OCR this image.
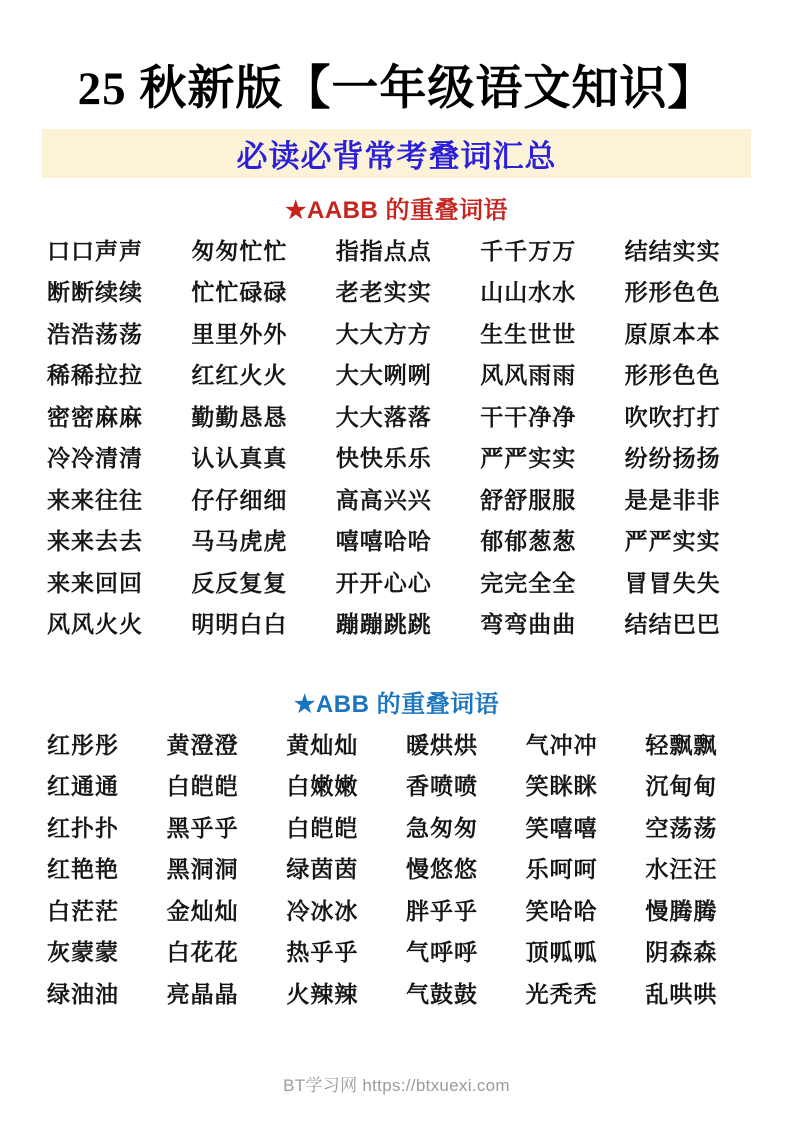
25 秋新版【一年级语文知识】
必读必背常考叠词汇总
★AABB 的重叠词语
口口声声	匆匆忙忙	指指点点	千千万万	结结实实
断断续续	忙忙碌碌	老老实实	山山水水	形形色色
浩浩荡荡	里里外外	大大方方	生生世世	原原本本
稀稀拉拉	红红火火	大大咧咧	风风雨雨	形形色色
密密麻麻	勤勤恳恳	大大落落	干干净净	吹吹打打
冷冷清清	认认真真	快快乐乐	严严实实	纷纷扬扬
来来往往	仔仔细细	高高兴兴	舒舒服服	是是非非
来来去去	马马虎虎	嘻嘻哈哈	郁郁葱葱	严严实实
来来回回	反反复复	开开心心	完完全全	冒冒失失
风风火火	明明白白	蹦蹦跳跳	弯弯曲曲	结结巴巴
★ABB 的重叠词语
红彤彤	黄澄澄	黄灿灿	暖烘烘	气冲冲	轻飘飘
红通通	白皑皑	白嫩嫩	香喷喷	笑眯眯	沉甸甸
红扑扑	黑乎乎	白皑皑	急匆匆	笑嘻嘻	空荡荡
红艳艳	黑洞洞	绿茵茵	慢悠悠	乐呵呵	水汪汪
白茫茫	金灿灿	冷冰冰	胖乎乎	笑哈哈	慢腾腾
灰蒙蒙	白花花	热乎乎	气呼呼	顶呱呱	阴森森
绿油油	亮晶晶	火辣辣	气鼓鼓	光秃秃	乱哄哄
BT学习网 https://btxuexi.com
